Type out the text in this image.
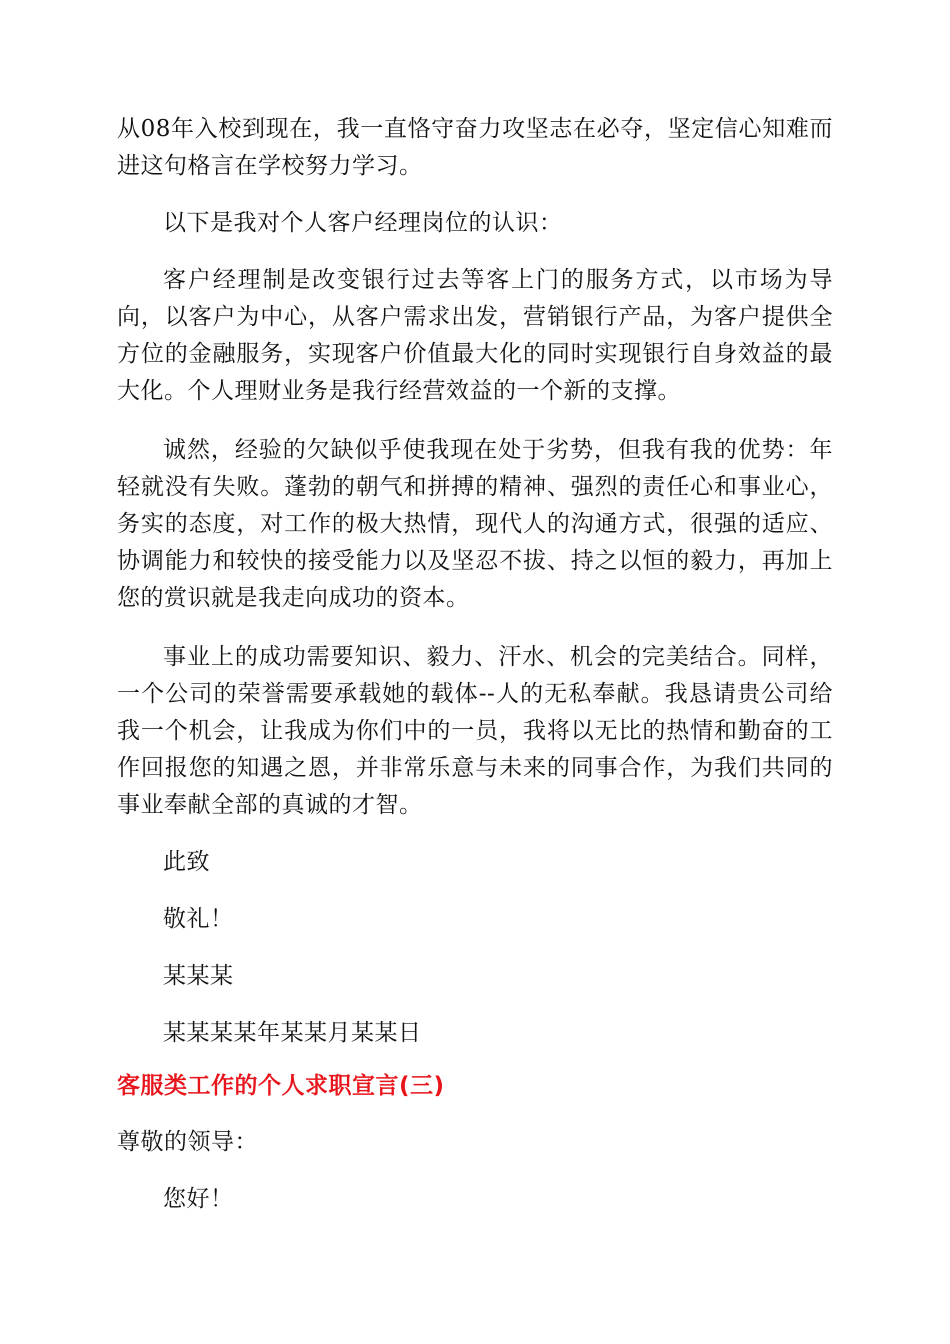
从08年入校到现在，我一直恪守奋力攻坚志在必夺，坚定信心知难而进这句格言在学校努力学习。

以下是我对个人客户经理岗位的认识：

客户经理制是改变银行过去等客上门的服务方式，以市场为导向，以客户为中心，从客户需求出发，营销银行产品，为客户提供全方位的金融服务，实现客户价值最大化的同时实现银行自身效益的最大化。个人理财业务是我行经营效益的一个新的支撑。

诚然，经验的欠缺似乎使我现在处于劣势，但我有我的优势：年轻就没有失败。蓬勃的朝气和拼搏的精神、强烈的责任心和事业心，务实的态度，对工作的极大热情，现代人的沟通方式，很强的适应、协调能力和较快的接受能力以及坚忍不拔、持之以恒的毅力，再加上您的赏识就是我走向成功的资本。

事业上的成功需要知识、毅力、汗水、机会的完美结合。同样，一个公司的荣誉需要承载她的载体--人的无私奉献。我恳请贵公司给我一个机会，让我成为你们中的一员，我将以无比的热情和勤奋的工作回报您的知遇之恩，并非常乐意与未来的同事合作，为我们共同的事业奉献全部的真诚的才智。

此致

敬礼！

某某某

某某某某年某某月某某日

客服类工作的个人求职宣言(三)

尊敬的领导：

您好！
